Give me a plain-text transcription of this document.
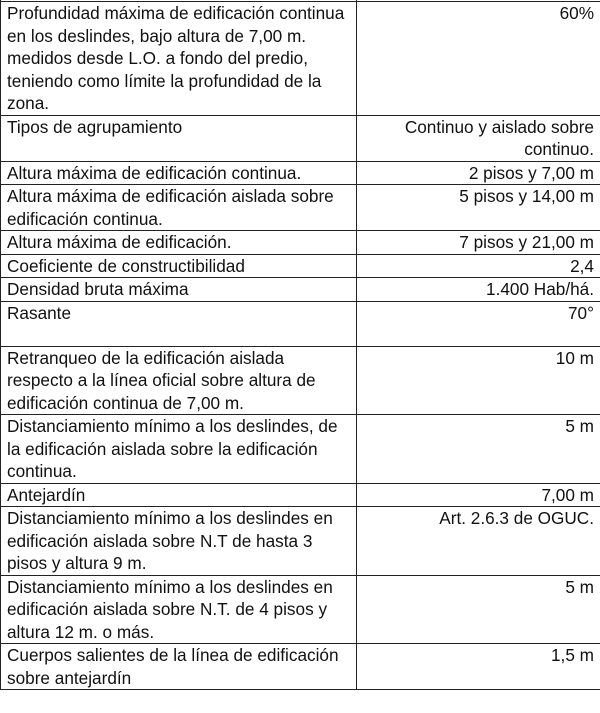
Profundidad máxima de edificación continua en los deslindes, bajo altura de 7,00 m. medidos desde L.O. a fondo del predio, teniendo como límite la profundidad de la zona.	60%

Tipos de agrupamiento	Continuo y aislado sobre continuo.

Altura máxima de edificación continua.	2 pisos y 7,00 m

Altura máxima de edificación aislada sobre edificación continua.	5 pisos y 14,00 m

Altura máxima de edificación.	7 pisos y 21,00 m

Coeficiente de constructibilidad	2,4

Densidad bruta máxima	1.400 Hab/há.

Rasante	70°

Retranqueo de la edificación aislada respecto a la línea oficial sobre altura de edificación continua de 7,00 m.	10 m

Distanciamiento mínimo a los deslindes, de la edificación aislada sobre la edificación continua.	5 m

Antejardín	7,00 m

Distanciamiento mínimo a los deslindes en edificación aislada sobre N.T de hasta 3 pisos y altura 9 m.	Art. 2.6.3 de OGUC.

Distanciamiento mínimo a los deslindes en edificación aislada sobre N.T. de 4 pisos y altura 12 m. o más.	5 m

Cuerpos salientes de la línea de edificación sobre antejardín	1,5 m
